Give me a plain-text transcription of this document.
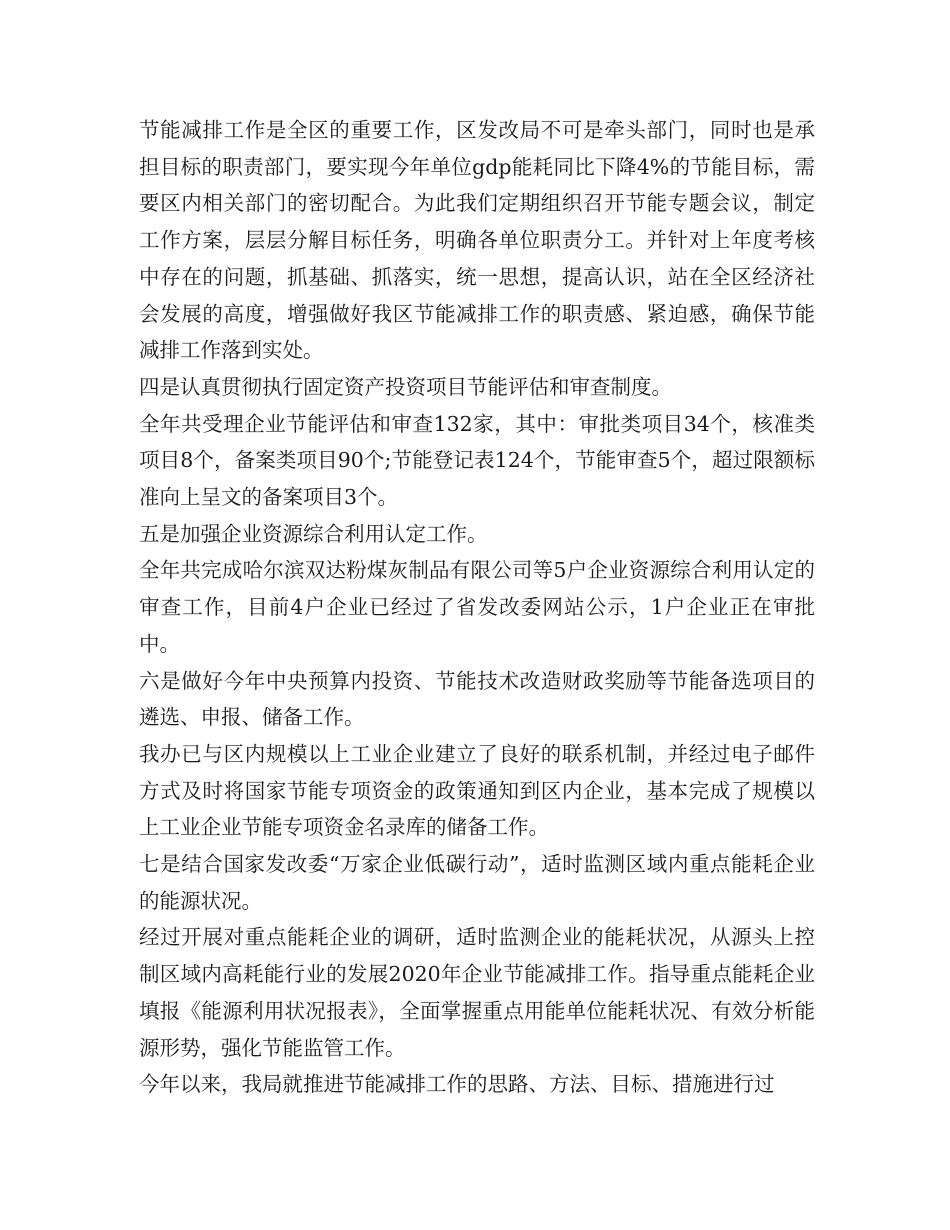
节能减排工作是全区的重要工作，区发改局不可是牵头部门，同时也是承担目标的职责部门，要实现今年单位gdp能耗同比下降4%的节能目标，需要区内相关部门的密切配合。为此我们定期组织召开节能专题会议，制定工作方案，层层分解目标任务，明确各单位职责分工。并针对上年度考核中存在的问题，抓基础、抓落实，统一思想，提高认识，站在全区经济社会发展的高度，增强做好我区节能减排工作的职责感、紧迫感，确保节能减排工作落到实处。

四是认真贯彻执行固定资产投资项目节能评估和审查制度。

全年共受理企业节能评估和审查132家，其中：审批类项目34个，核准类项目8个，备案类项目90个;节能登记表124个，节能审查5个，超过限额标准向上呈文的备案项目3个。

五是加强企业资源综合利用认定工作。

全年共完成哈尔滨双达粉煤灰制品有限公司等5户企业资源综合利用认定的审查工作，目前4户企业已经过了省发改委网站公示，1户企业正在审批中。

六是做好今年中央预算内投资、节能技术改造财政奖励等节能备选项目的遴选、申报、储备工作。

我办已与区内规模以上工业企业建立了良好的联系机制，并经过电子邮件方式及时将国家节能专项资金的政策通知到区内企业，基本完成了规模以上工业企业节能专项资金名录库的储备工作。

七是结合国家发改委“万家企业低碳行动”，适时监测区域内重点能耗企业的能源状况。

经过开展对重点能耗企业的调研，适时监测企业的能耗状况，从源头上控制区域内高耗能行业的发展2020年企业节能减排工作。指导重点能耗企业填报《能源利用状况报表》，全面掌握重点用能单位能耗状况、有效分析能源形势，强化节能监管工作。

今年以来，我局就推进节能减排工作的思路、方法、目标、措施进行过
